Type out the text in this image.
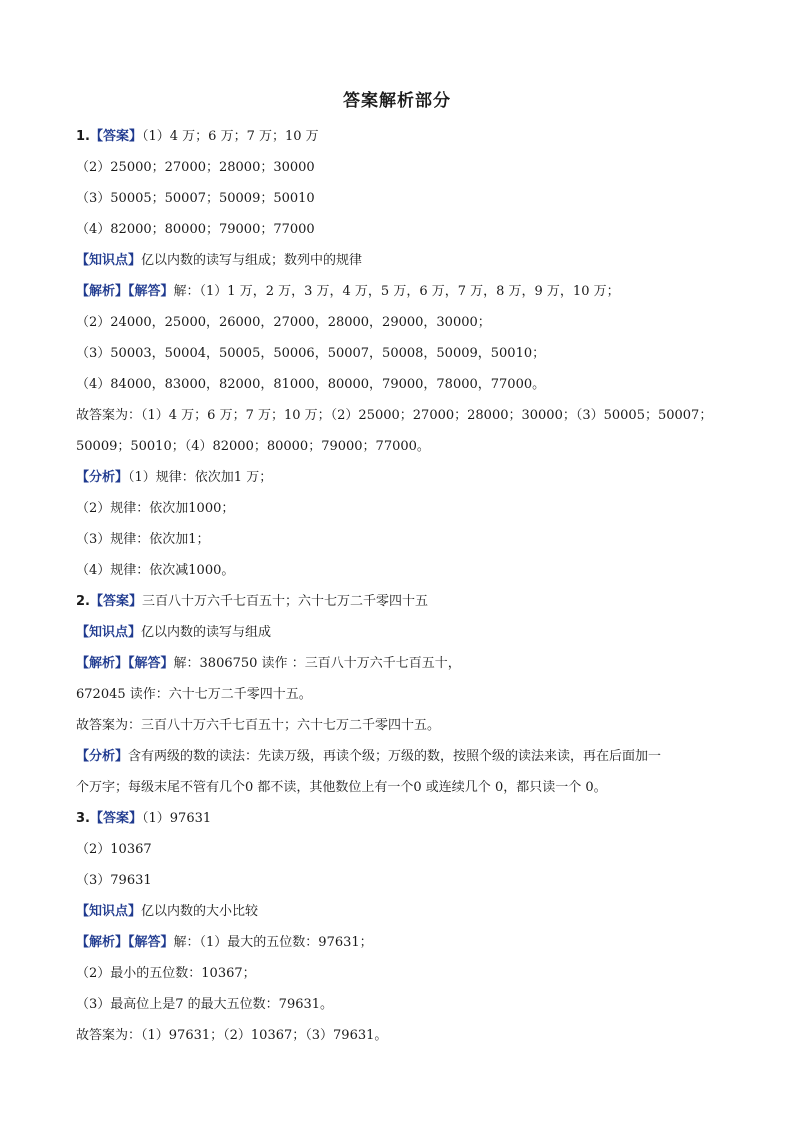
答案解析部分
1.【答案】（1）4 万；6 万；7 万；10 万
（2）25000；27000；28000；30000
（3）50005；50007；50009；50010
（4）82000；80000；79000；77000
【知识点】亿以内数的读写与组成；数列中的规律
【解析】【解答】解：（1）1 万，2 万，3 万，4 万，5 万，6 万，7 万，8 万，9 万，10 万；
（2）24000，25000，26000，27000，28000，29000，30000；
（3）50003，50004，50005，50006，50007，50008，50009，50010；
（4）84000，83000，82000，81000，80000，79000，78000，77000。
故答案为：（1）4 万；6 万；7 万；10 万；（2）25000；27000；28000；30000；（3）50005；50007；
50009；50010；（4）82000；80000；79000；77000。
【分析】（1）规律：依次加1 万；
（2）规律：依次加1000；
（3）规律：依次加1；
（4）规律：依次减1000。
2.【答案】三百八十万六千七百五十；六十七万二千零四十五
【知识点】亿以内数的读写与组成
【解析】【解答】解：3806750 读作 ：三百八十万六千七百五十，
672045 读作：六十七万二千零四十五。
故答案为：三百八十万六千七百五十；六十七万二千零四十五。
【分析】含有两级的数的读法：先读万级，再读个级；万级的数，按照个级的读法来读，再在后面加一
个万字；每级末尾不管有几个0 都不读，其他数位上有一个0 或连续几个 0，都只读一个 0。
3.【答案】（1）97631
（2）10367
（3）79631
【知识点】亿以内数的大小比较
【解析】【解答】解：（1）最大的五位数：97631；
（2）最小的五位数：10367；
（3）最高位上是7 的最大五位数：79631。
故答案为：（1）97631；（2）10367；（3）79631。
